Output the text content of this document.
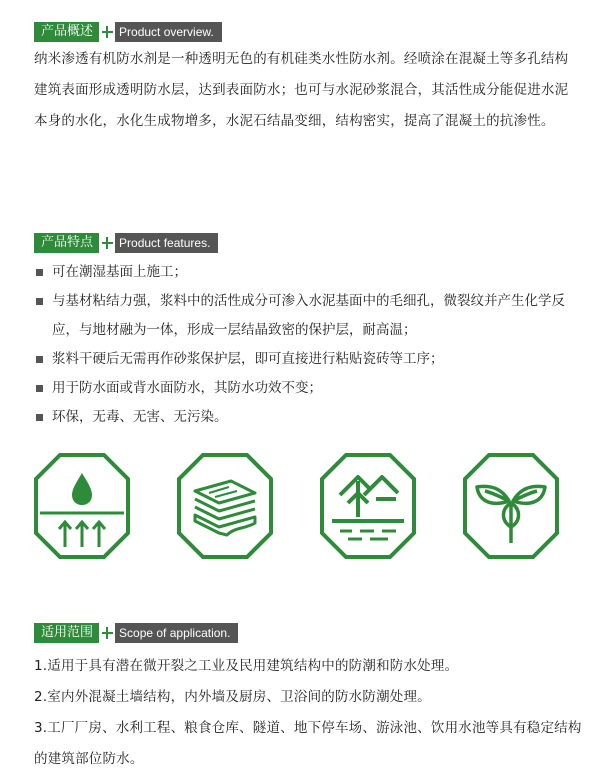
产品概述	Product overview.
纳米渗透有机防水剂是一种透明无色的有机硅类水性防水剂。经喷涂在混凝土等多孔结构建筑表面形成透明防水层，达到表面防水；也可与水泥砂浆混合，其活性成分能促进水泥本身的水化，水化生成物增多，水泥石结晶变细，结构密实，提高了混凝土的抗渗性。
产品特点	Product features.
可在潮湿基面上施工；
与基材粘结力强，浆料中的活性成分可渗入水泥基面中的毛细孔，微裂纹并产生化学反应，与地材融为一体，形成一层结晶致密的保护层，耐高温；
浆料干硬后无需再作砂浆保护层，即可直接进行粘贴瓷砖等工序；
用于防水面或背水面防水，其防水功效不变；
环保，无毒、无害、无污染。
适用范围	Scope of application.
1.适用于具有潜在微开裂之工业及民用建筑结构中的防潮和防水处理。
2.室内外混凝土墙结构，内外墙及厨房、卫浴间的防水防潮处理。
3.工厂厂房、水利工程、粮食仓库、隧道、地下停车场、游泳池、饮用水池等具有稳定结构的建筑部位防水。
